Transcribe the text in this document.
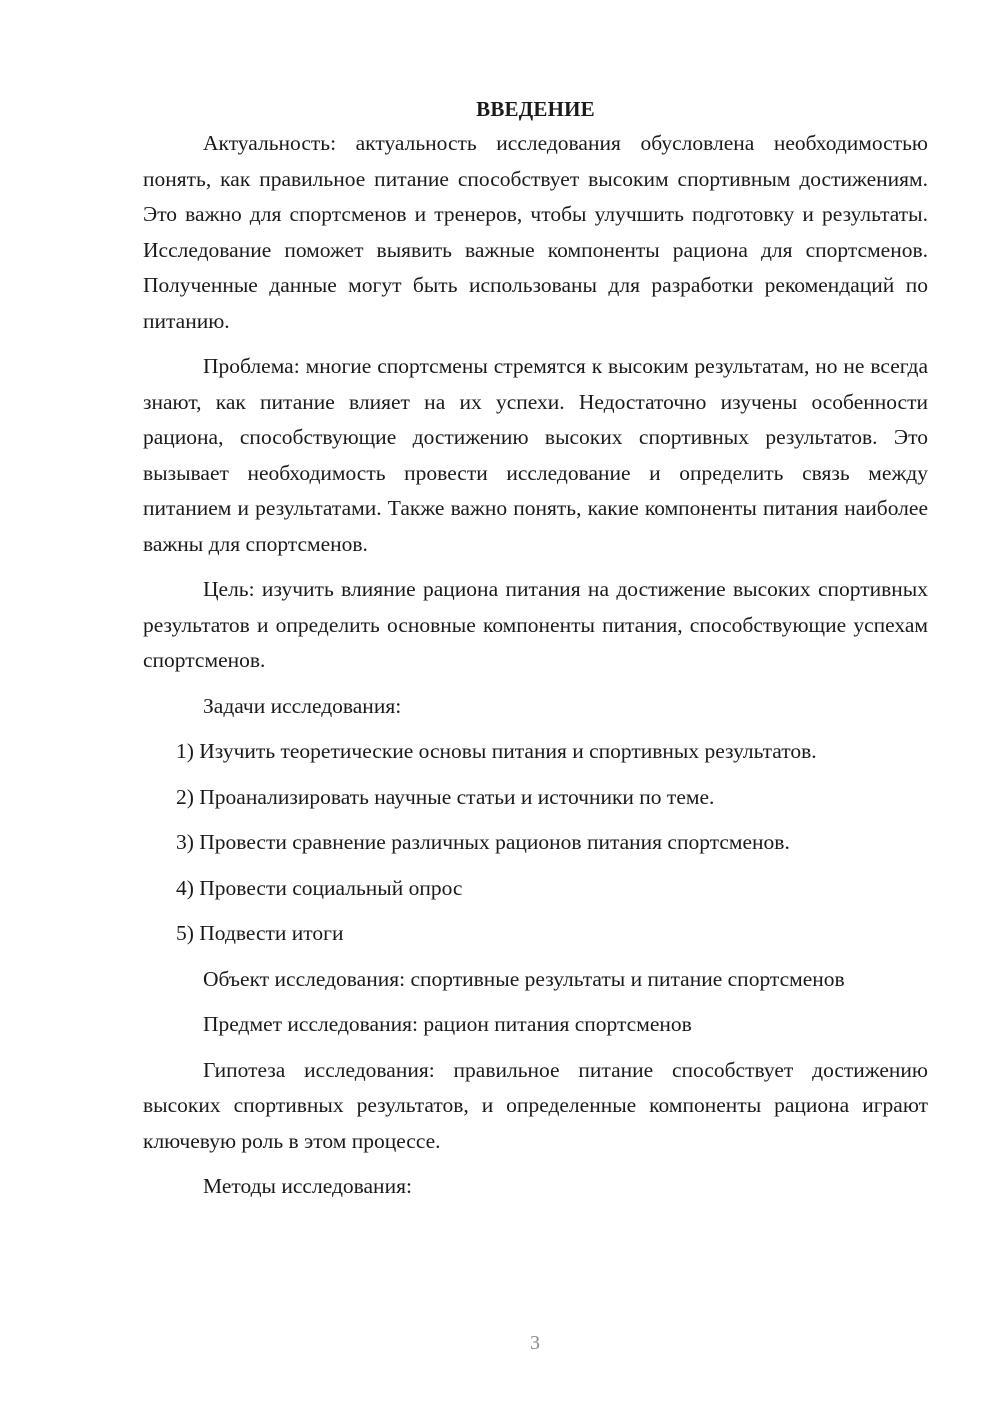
ВВЕДЕНИЕ

Актуальность: актуальность исследования обусловлена необходимостью понять, как правильное питание способствует высоким спортивным достижениям. Это важно для спортсменов и тренеров, чтобы улучшить подготовку и результаты. Исследование поможет выявить важные компоненты рациона для спортсменов. Полученные данные могут быть использованы для разработки рекомендаций по питанию.

Проблема: многие спортсмены стремятся к высоким результатам, но не всегда знают, как питание влияет на их успехи. Недостаточно изучены особенности рациона, способствующие достижению высоких спортивных результатов. Это вызывает необходимость провести исследование и определить связь между питанием и результатами. Также важно понять, какие компоненты питания наиболее важны для спортсменов.

Цель: изучить влияние рациона питания на достижение высоких спортивных результатов и определить основные компоненты питания, способствующие успехам спортсменов.

Задачи исследования:

1) Изучить теоретические основы питания и спортивных результатов.

2) Проанализировать научные статьи и источники по теме.

3) Провести сравнение различных рационов питания спортсменов.

4) Провести социальный опрос

5) Подвести итоги

Объект исследования: спортивные результаты и питание спортсменов

Предмет исследования: рацион питания спортсменов

Гипотеза исследования: правильное питание способствует достижению высоких спортивных результатов, и определенные компоненты рациона играют ключевую роль в этом процессе.

Методы исследования:

3
